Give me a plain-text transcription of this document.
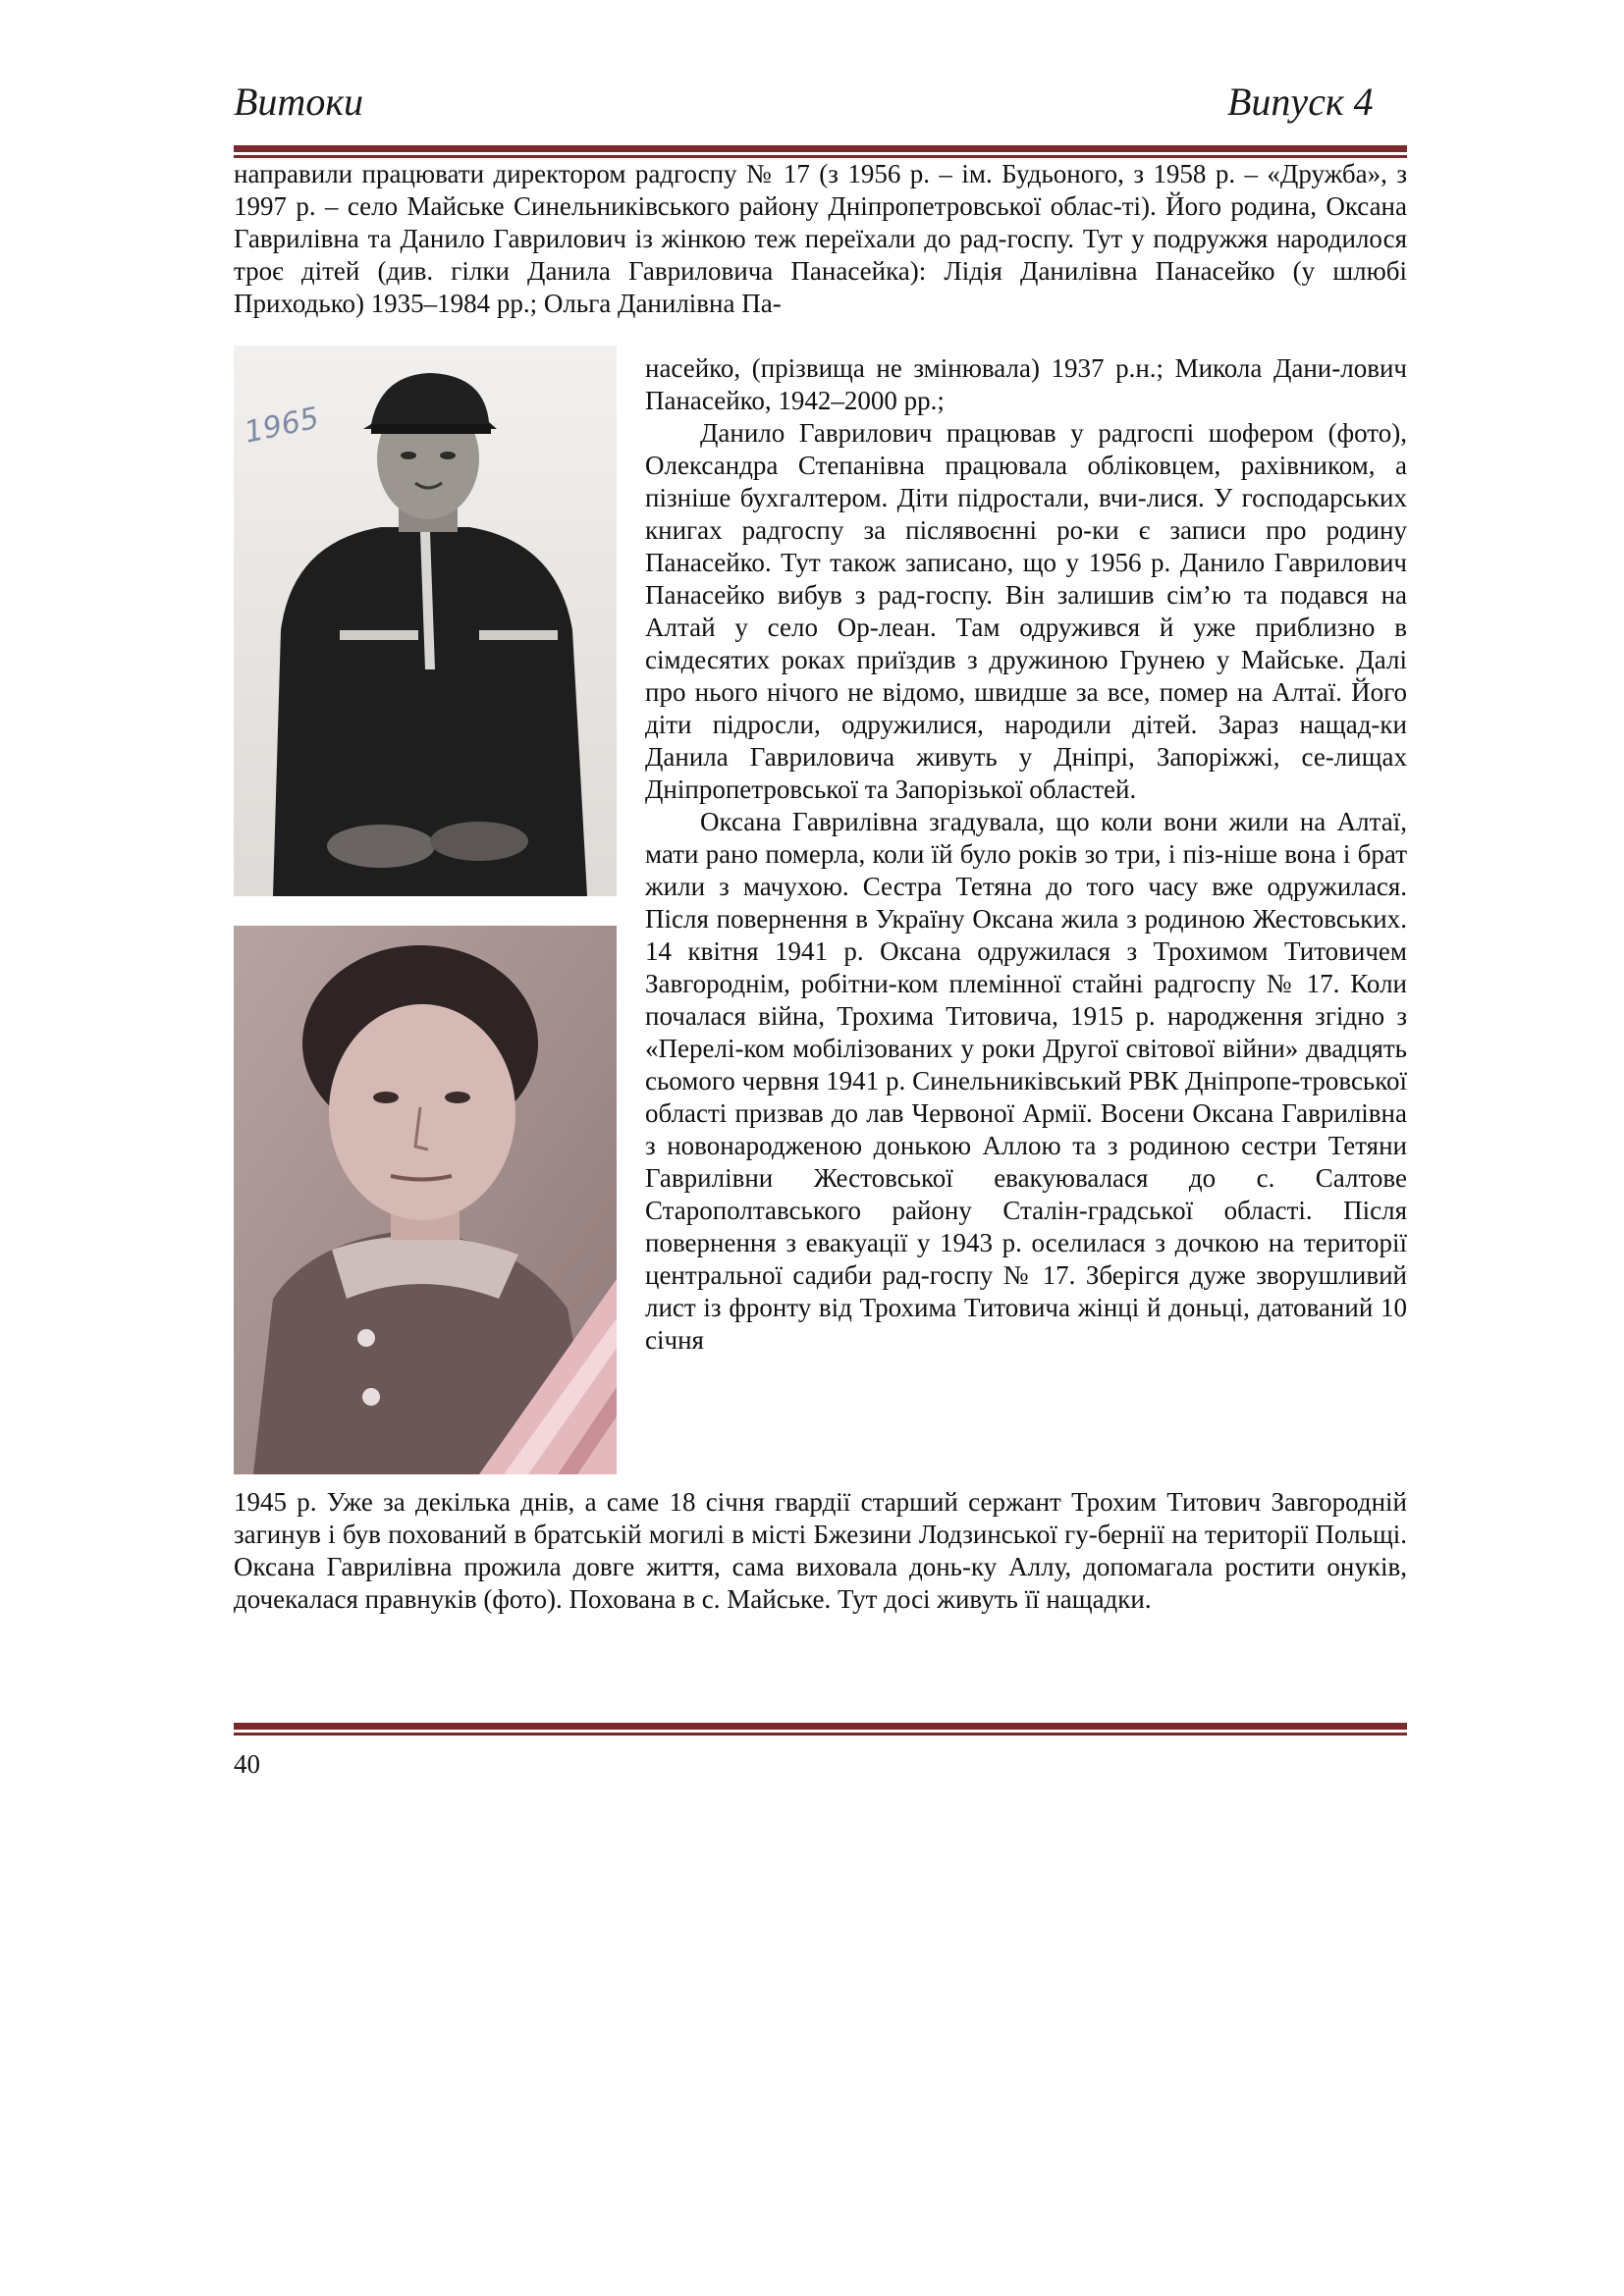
Витоки	Випуск 4

направили працювати директором радгоспу № 17 (з 1956 р. – ім. Будьоного, з 1958 р. – «Дружба», з 1997 р. – село Майське Синельниківського району Дніпропетровської облас-ті). Його родина, Оксана Гаврилівна та Данило Гаврилович із жінкою теж переїхали до рад-госпу. Тут у подружжя народилося троє дітей (див. гілки Данила Гавриловича Панасейка): Лідія Данилівна Панасейко (у шлюбі Приходько) 1935–1984 рр.; Ольга Данилівна Па-

1965

насейко, (прізвища не змінювала) 1937 р.н.; Микола Дани-лович Панасейко, 1942–2000 рр.;

Данило Гаврилович працював у радгоспі шофером (фото), Олександра Степанівна працювала обліковцем, рахівником, а пізніше бухгалтером. Діти підростали, вчи-лися. У господарських книгах радгоспу за післявоєнні ро-ки є записи про родину Панасейко. Тут також записано, що у 1956 р. Данило Гаврилович Панасейко вибув з рад-госпу. Він залишив сім’ю та подався на Алтай у село Ор-леан. Там одружився й уже приблизно в сімдесятих роках приїздив з дружиною Грунею у Майське. Далі про нього нічого не відомо, швидше за все, помер на Алтаї. Його діти підросли, одружилися, народили дітей. Зараз нащад-ки Данила Гавриловича живуть у Дніпрі, Запоріжжі, се-лищах Дніпропетровської та Запорізької областей.

Оксана Гаврилівна згадувала, що коли вони жили на Алтаї, мати рано померла, коли їй було років зо три, і піз-ніше вона і брат жили з мачухою. Сестра Тетяна до того часу вже одружилася. Після повернення в Україну Оксана жила з родиною Жестовських. 14 квітня 1941 р. Оксана одружилася з Трохимом Титовичем Завгороднім, робітни-ком племінної стайні радгоспу № 17. Коли почалася війна, Трохима Титовича, 1915 р. народження згідно з «Перелі-ком мобілізованих у роки Другої світової війни» двадцять сьомого червня 1941 р. Синельниківський РВК Дніпропе-тровської області призвав до лав Червоної Армії. Восени Оксана Гаврилівна з новонародженою донькою Аллою та з родиною сестри Тетяни Гаврилівни Жестовської евакуювалася до с. Салтове Старополтавського району Сталін-градської області. Після повернення з евакуації у 1943 р. оселилася з дочкою на території центральної садиби рад-госпу № 17. Зберігся дуже зворушливий лист із фронту від Трохима Титовича жінці й доньці, датований 10 січня

1945 р. Уже за декілька днів, а саме 18 січня гвардії старший сержант Трохим Титович Завгородній загинув і був похований в братській могилі в місті Бжезини Лодзинської гу-бернії на території Польщі. Оксана Гаврилівна прожила довге життя, сама виховала донь-ку Аллу, допомагала ростити онуків, дочекалася правнуків (фото). Похована в с. Майське. Тут досі живуть її нащадки.

40
